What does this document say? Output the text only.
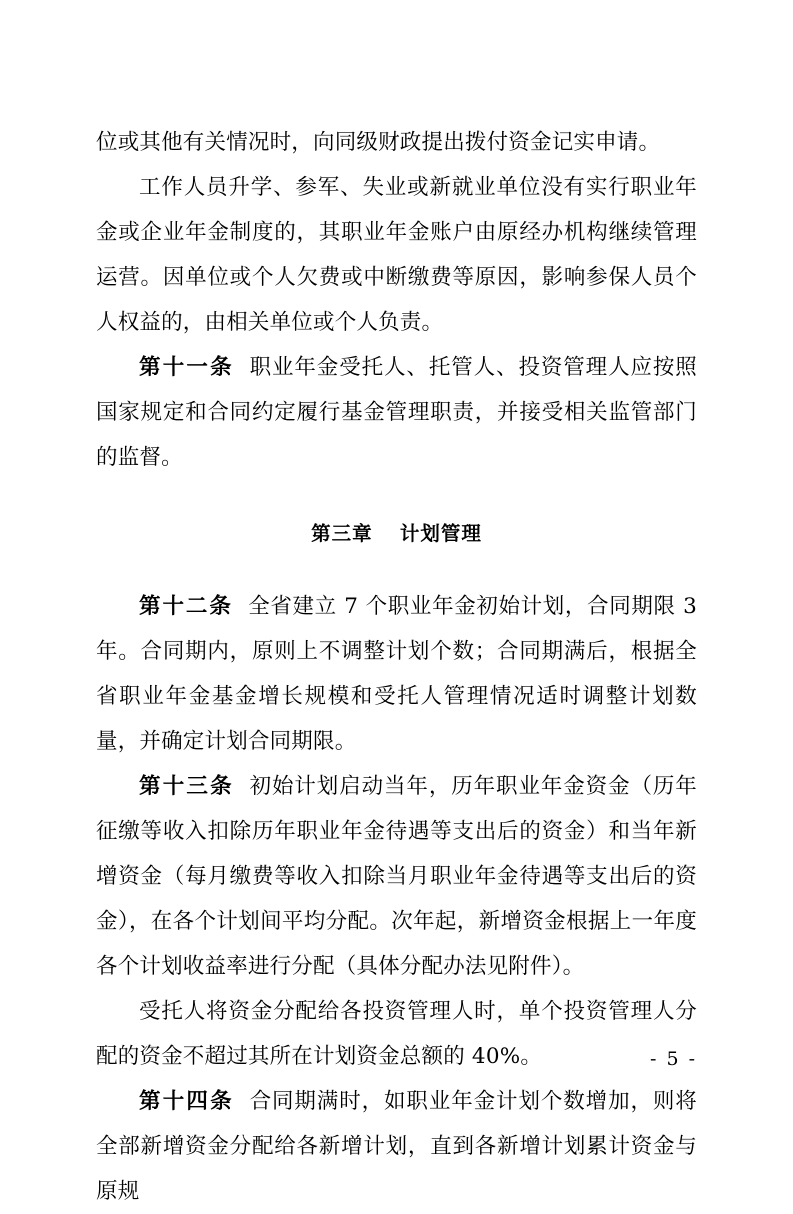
位或其他有关情况时，向同级财政提出拨付资金记实申请。

工作人员升学、参军、失业或新就业单位没有实行职业年金或企业年金制度的，其职业年金账户由原经办机构继续管理运营。因单位或个人欠费或中断缴费等原因，影响参保人员个人权益的，由相关单位或个人负责。

第十一条 职业年金受托人、托管人、投资管理人应按照国家规定和合同约定履行基金管理职责，并接受相关监管部门的监督。

第三章 计划管理

第十二条 全省建立 7 个职业年金初始计划，合同期限 3 年。合同期内，原则上不调整计划个数；合同期满后，根据全省职业年金基金增长规模和受托人管理情况适时调整计划数量，并确定计划合同期限。

第十三条 初始计划启动当年，历年职业年金资金（历年征缴等收入扣除历年职业年金待遇等支出后的资金）和当年新增资金（每月缴费等收入扣除当月职业年金待遇等支出后的资金），在各个计划间平均分配。次年起，新增资金根据上一年度各个计划收益率进行分配（具体分配办法见附件）。

受托人将资金分配给各投资管理人时，单个投资管理人分配的资金不超过其所在计划资金总额的 40%。

第十四条 合同期满时，如职业年金计划个数增加，则将全部新增资金分配给各新增计划，直到各新增计划累计资金与原规

- 5 -
